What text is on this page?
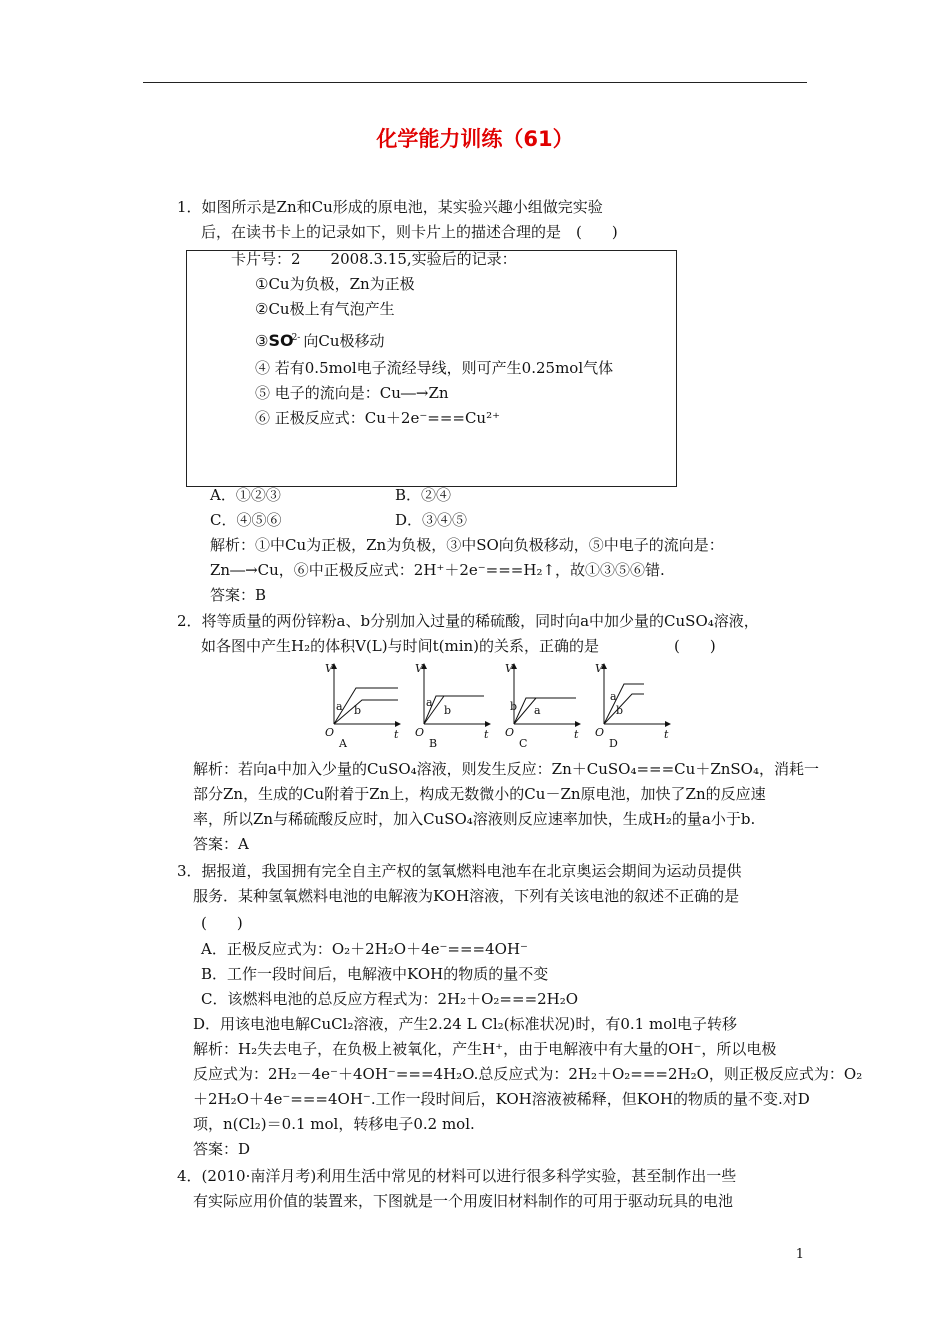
化学能力训练（61）
1．如图所示是Zn和Cu形成的原电池，某实验兴趣小组做完实验
后，在读书卡上的记录如下，则卡片上的描述合理的是　(　　)
卡片号：2　　2008.3.15,实验后的记录：
①Cu为负极，Zn为正极
②Cu极上有气泡产生
$③SO^{2-}$ 向Cu极移动
④ 若有0.5mol电子流经导线，则可产生0.25mol气体
⑤ 电子的流向是：Cu―→Zn
⑥ 正极反应式：Cu＋2e⁻===Cu²⁺
A．①②③	B．②④
C．④⑤⑥	D．③④⑤
解析：①中Cu为正极，Zn为负极，③中SO向负极移动，⑤中电子的流向是：
Zn―→Cu，⑥中正极反应式：2H⁺＋2e⁻===H₂↑，故①③⑤⑥错.
答案：B
2．将等质量的两份锌粉a、b分别加入过量的稀硫酸，同时向a中加少量的CuSO₄溶液，
如各图中产生H₂的体积V(L)与时间t(min)的关系，正确的是　　　　　(　　)
V
t
O
a b
A
V
t
O
a
b
B
V
t
O
b a
C
V
t
O
a
b
D
解析：若向a中加入少量的CuSO₄溶液，则发生反应：Zn＋CuSO₄===Cu＋ZnSO₄，消耗一
部分Zn，生成的Cu附着于Zn上，构成无数微小的Cu－Zn原电池，加快了Zn的反应速
率，所以Zn与稀硫酸反应时，加入CuSO₄溶液则反应速率加快，生成H₂的量a小于b.
答案：A
3．据报道，我国拥有完全自主产权的氢氧燃料电池车在北京奥运会期间为运动员提供
服务．某种氢氧燃料电池的电解液为KOH溶液，下列有关该电池的叙述不正确的是
(　　)
A．正极反应式为：O₂＋2H₂O＋4e⁻===4OH⁻
B．工作一段时间后，电解液中KOH的物质的量不变
C．该燃料电池的总反应方程式为：2H₂＋O₂===2H₂O
D．用该电池电解CuCl₂溶液，产生2.24 L Cl₂(标准状况)时，有0.1 mol电子转移
解析：H₂失去电子，在负极上被氧化，产生H⁺，由于电解液中有大量的OH⁻，所以电极
反应式为：2H₂－4e⁻＋4OH⁻===4H₂O.总反应式为：2H₂＋O₂===2H₂O，则正极反应式为：O₂
＋2H₂O＋4e⁻===4OH⁻.工作一段时间后，KOH溶液被稀释，但KOH的物质的量不变.对D
项，n(Cl₂)＝0.1 mol，转移电子0.2 mol.
答案：D
4．(2010·南洋月考)利用生活中常见的材料可以进行很多科学实验，甚至制作出一些
有实际应用价值的装置来，下图就是一个用废旧材料制作的可用于驱动玩具的电池
1
